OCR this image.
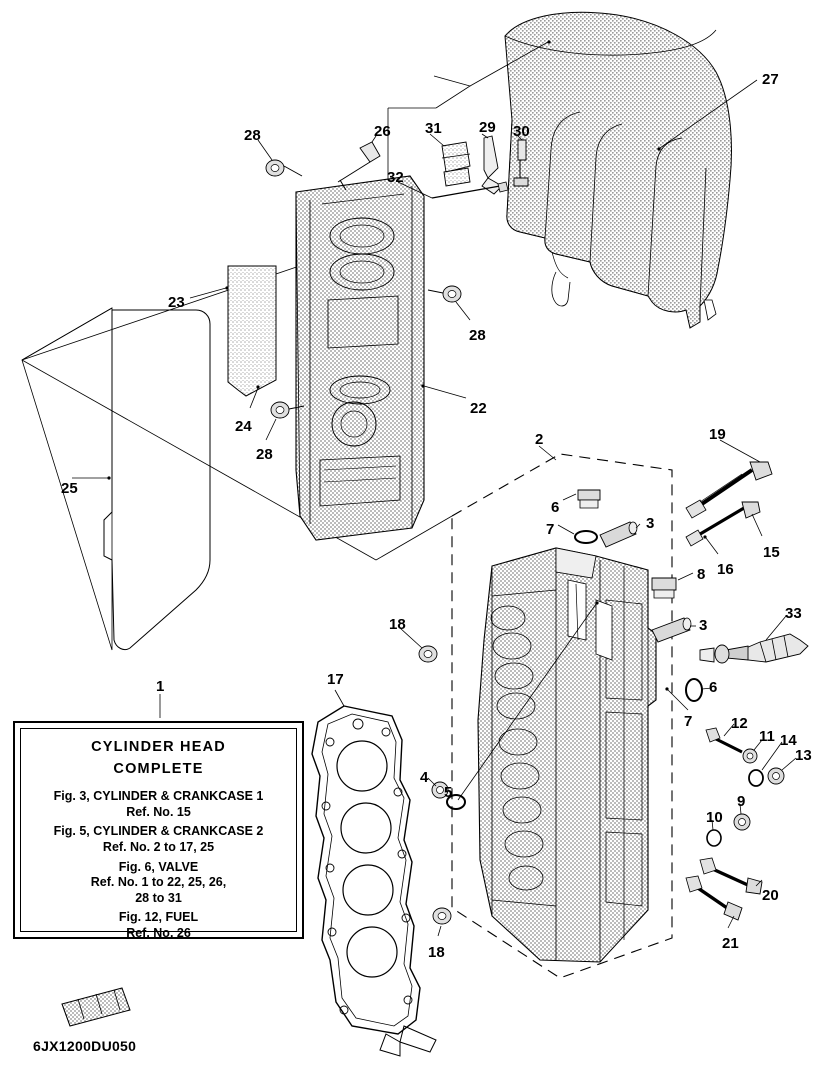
CYLINDER HEAD
COMPLETE
Fig. 3, CYLINDER & CRANKCASE 1
Ref. No. 15
Fig. 5, CYLINDER & CRANKCASE 2
Ref. No. 2 to 17, 25
Fig. 6, VALVE
Ref. No. 1 to 22, 25, 26,
28 to 31
Fig. 12, FUEL
Ref. No. 26
6JX1200DU050
27
28	26 31 29 30
32
23
28
22
24
28
25
2	19
6
7	3
15
16
8
3
33
18
17
1	6
7	12
11 14
13
4
5
10
9
20
21
18
